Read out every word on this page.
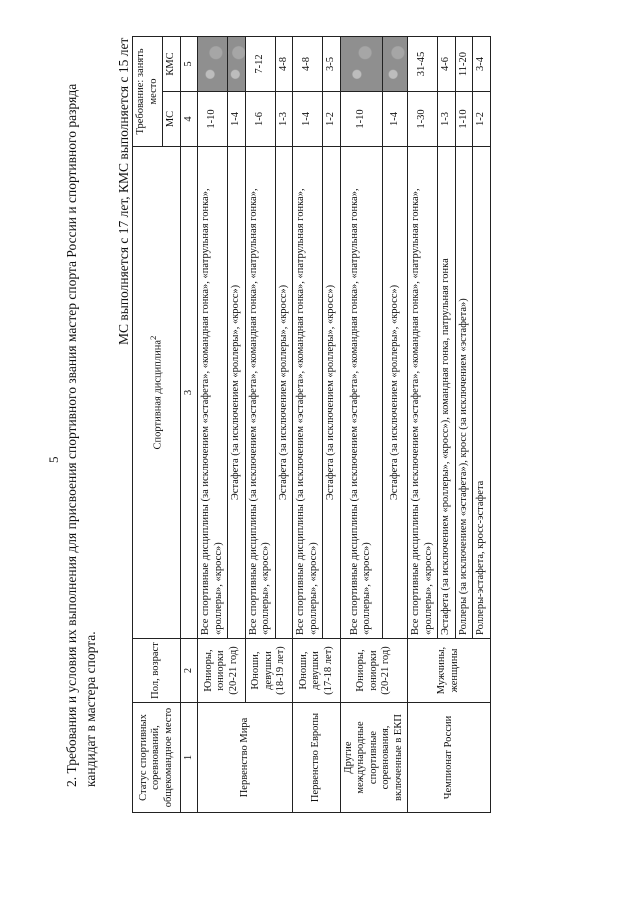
5 2. Требования и условия их выполнения для присвоения спортивного звания мастер спорта России и спортивного разряда кандидат в мастера спорта.
МС выполняется с 17 лет, КМС выполняется с 15 лет
Статус спортивных соревнований, общекомандное место	Пол, возраст	Спортивная дисциплина$^2$	Требование: занять место	
			МС	КМС
1	2	3	4	5
Первенство Мира	Юниоры, юниорки (20-21 год)	Все спортивные дисциплины (за исключением «эстафета», «командная гонка», «патрульная гонка», «роллеры», «кросс»)	1-10	
		Эстафета (за исключением «роллеры», «кросс»)	1-4	
	Юноши, девушки (18-19 лет)	Все спортивные дисциплины (за исключением «эстафета», «командная гонка», «патрульная гонка», «роллеры», «кросс»)	1-6	7-12
		Эстафета (за исключением «роллеры», «кросс»)	1-3	4-8
Первенство Европы	Юноши, девушки (17-18 лет)	Все спортивные дисциплины (за исключением «эстафета», «командная гонка», «патрульная гонка», «роллеры», «кросс»)	1-4	4-8
		Эстафета (за исключением «роллеры», «кросс»)	1-2	3-5
Другие международные спортивные соревнования, включенные в ЕКП	Юниоры, юниорки (20-21 год)	Все спортивные дисциплины (за исключением «эстафета», «командная гонка», «патрульная гонка», «роллеры», «кросс»)	1-10	
		Эстафета (за исключением «роллеры», «кросс»)	1-4	
Чемпионат России	Мужчины, женщины	Все спортивные дисциплины (за исключением «эстафета», «командная гонка», «патрульная гонка», «роллеры», «кросс»)	1-30	31-45
		Эстафета (за исключением «роллеры», «кросс»), командная гонка, патрульная гонка	1-3	4-6
		Роллеры (за исключением «эстафета»), кросс (за исключением «эстафета»)	1-10	11-20
		Роллеры-эстафета, кросс-эстафета	1-2	3-4
